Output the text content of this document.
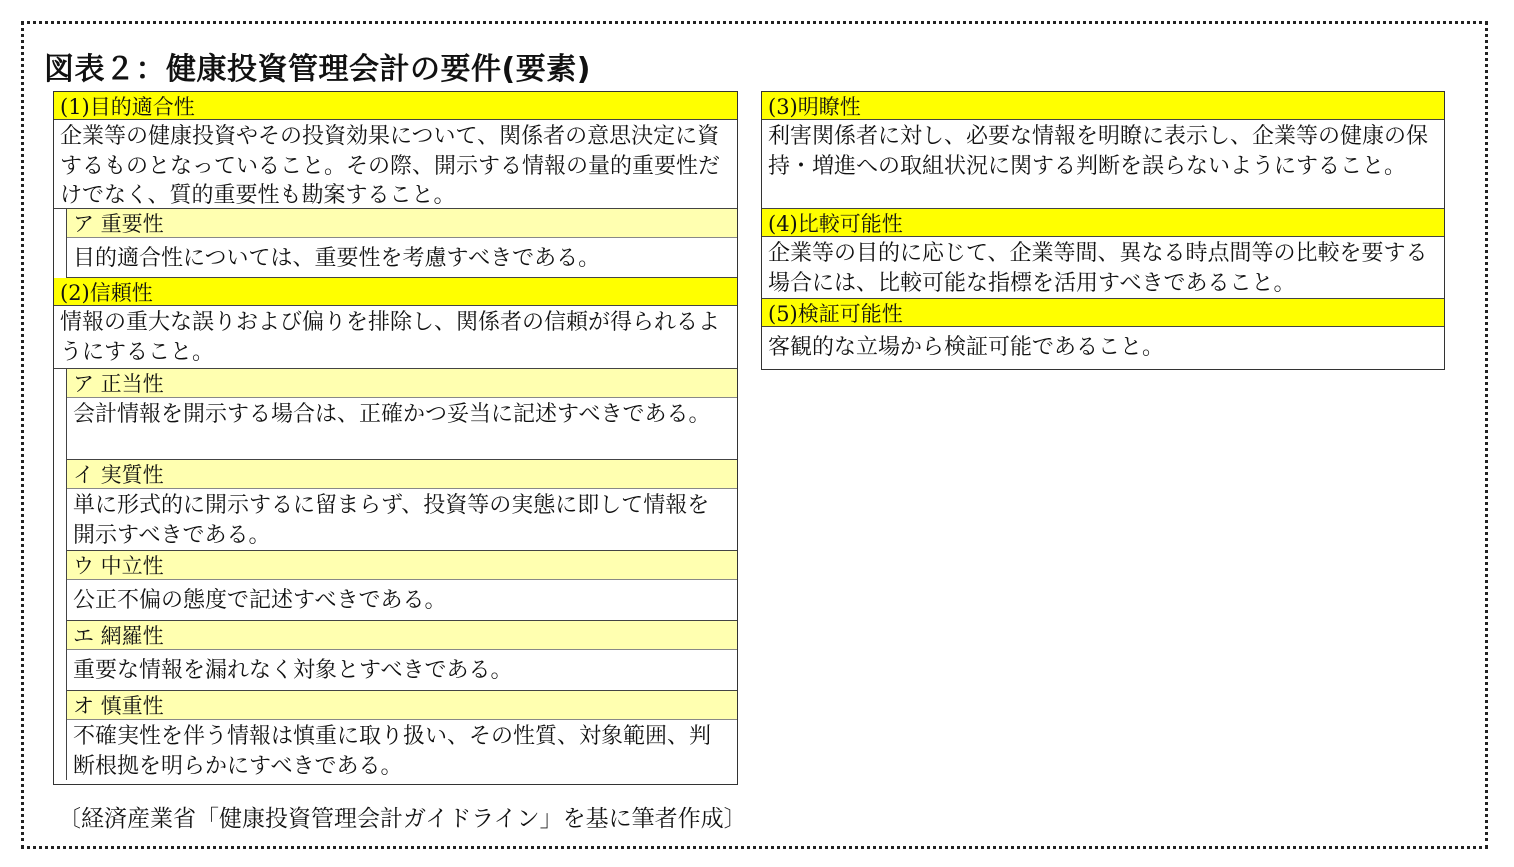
図表２：健康投資管理会計の要件(要素)
(1)目的適合性
企業等の健康投資やその投資効果について、関係者の意思決定に資するものとなっていること。その際、開示する情報の量的重要性だけでなく、質的重要性も勘案すること。
ア 重要性
目的適合性については、重要性を考慮すべきである。
(2)信頼性
情報の重大な誤りおよび偏りを排除し、関係者の信頼が得られるようにすること。
ア 正当性
会計情報を開示する場合は、正確かつ妥当に記述すべきである。
イ 実質性
単に形式的に開示するに留まらず、投資等の実態に即して情報を開示すべきである。
ウ 中立性
公正不偏の態度で記述すべきである。
エ 網羅性
重要な情報を漏れなく対象とすべきである。
オ 慎重性
不確実性を伴う情報は慎重に取り扱い、その性質、対象範囲、判断根拠を明らかにすべきである。
(3)明瞭性
利害関係者に対し、必要な情報を明瞭に表示し、企業等の健康の保持・増進への取組状況に関する判断を誤らないようにすること。
(4)比較可能性
企業等の目的に応じて、企業等間、異なる時点間等の比較を要する場合には、比較可能な指標を活用すべきであること。
(5)検証可能性
客観的な立場から検証可能であること。
〔経済産業省「健康投資管理会計ガイドライン」を基に筆者作成〕
